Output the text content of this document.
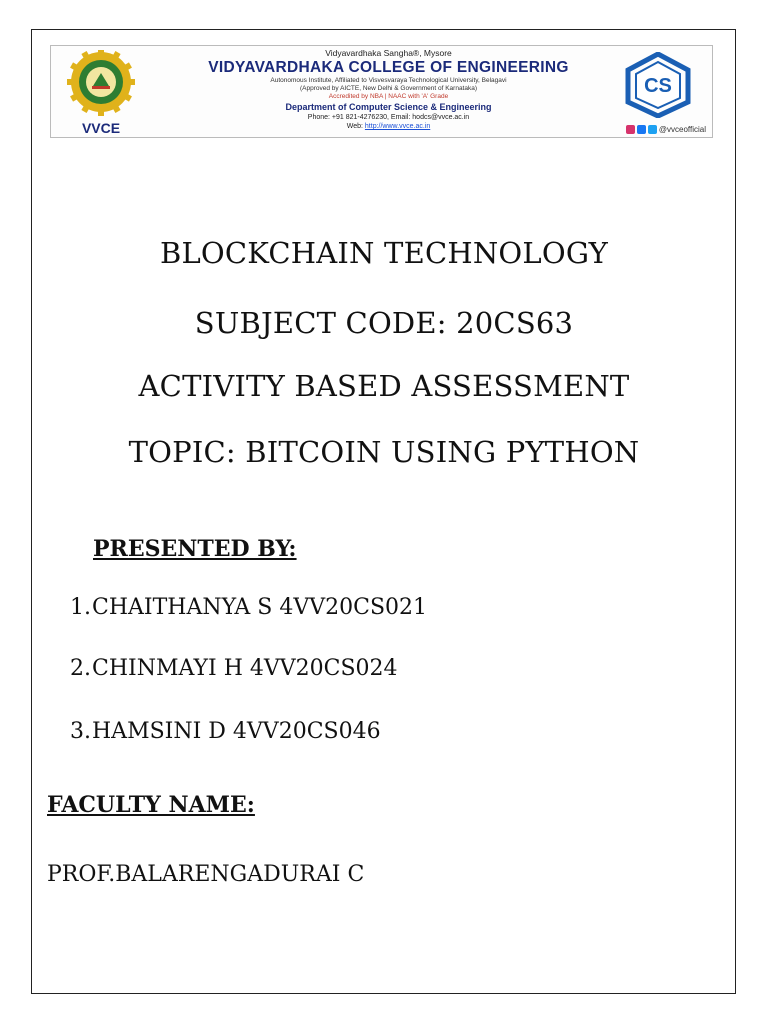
VVCE
Vidyavardhaka Sangha®, Mysore
VIDYAVARDHAKA COLLEGE OF ENGINEERING
Autonomous Institute, Affiliated to Visvesvaraya Technological University, Belagavi
(Approved by AICTE, New Delhi & Government of Karnataka)
Accredited by NBA | NAAC with 'A' Grade
Department of Computer Science & Engineering
Phone: +91 821-4276230, Email: hodcs@vvce.ac.in
Web: http://www.vvce.ac.in
CS
@vvceofficial
BLOCKCHAIN TECHNOLOGY
SUBJECT CODE: 20CS63
ACTIVITY BASED ASSESSMENT
TOPIC: BITCOIN USING PYTHON
PRESENTED BY:
1. CHAITHANYA S 4VV20CS021
2. CHINMAYI H 4VV20CS024
3. HAMSINI D 4VV20CS046
FACULTY NAME:
PROF.BALARENGADURAI C
